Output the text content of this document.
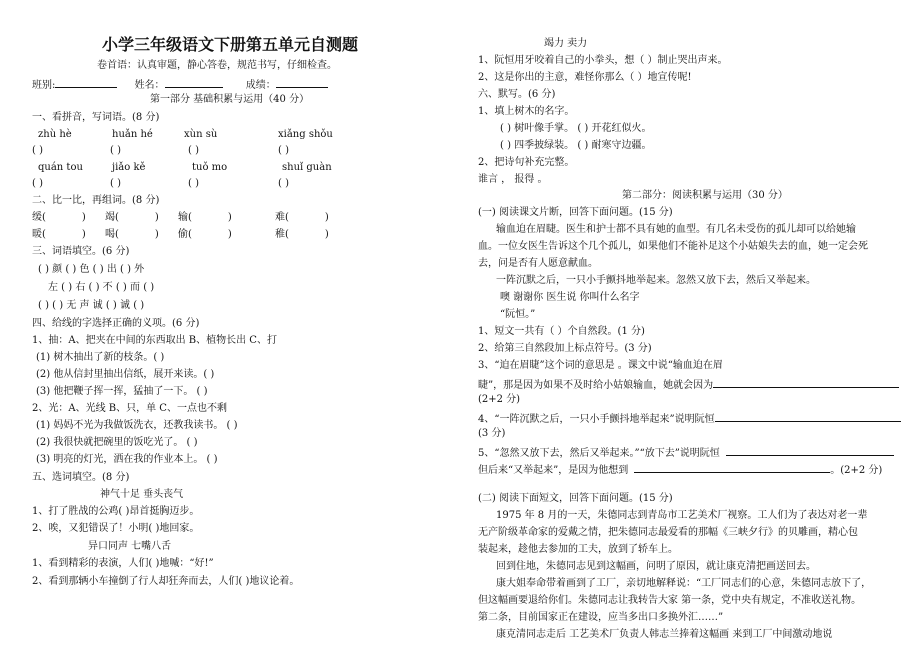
小学三年级语文下册第五单元自测题
卷首语：认真审题，静心答卷，规范书写，仔细检查。
班别:	姓名：	成绩：
第一部分 基础积累与运用（40 分）
一、看拼音，写词语。(8 分)
zhù hè	huǎn hé	xùn sù	xiǎng shǒu
( )	( )	( )	( )
quán tou	jiǎo kě	tuǒ mo	shuǐ guàn
( )	( )	( )	( )
二、比一比，再组词。(8 分)
缓(	) 竭(	) 输(	)	难(	)
暖(	) 喝(	) 偷(	)	稚(	)
三、词语填空。(6 分)
( ) 颜 ( ) 色 ( ) 出 ( ) 外
左 ( ) 右 ( ) 不 ( ) 而 ( )
( ) ( ) 无 声 诚 ( ) 诚 ( )
四、给线的字选择正确的义项。(6 分)
1、抽：A、把夹在中间的东西取出 B、植物长出 C、打
(1) 树木抽出了新的枝条。( )
(2) 他从信封里抽出信纸，展开来读。( )
(3) 他把鞭子挥一挥，猛抽了一下。 ( )
2、光：A、光线 B、只，单 C、一点也不剩
(1) 妈妈不光为我做饭洗衣，还教我读书。 ( )
(2) 我很快就把碗里的饭吃光了。 ( )
(3) 明亮的灯光，洒在我的作业本上。 ( )
五、选词填空。(8 分)
神气十足 垂头丧气
1、打了胜战的公鸡( )昂首挺胸迈步。
2、唉，又犯错误了！小明( )地回家。
异口同声 七嘴八舌
1、看到精彩的表演，人们( )地喊：“好!”
2、看到那辆小车撞倒了行人却狂奔而去，人们( )地议论着。
竭力 卖力
1、阮恒用牙咬着自己的小拳头，想（ ）制止哭出声来。
2、这是你出的主意，难怪你那么（ ）地宣传呢!
六、默写。(6 分)
1、填上树木的名字。
( ) 树叶像手掌。 ( ) 开花红似火。
( ) 四季披绿装。 ( ) 耐寒守边疆。
2、把诗句补充完整。
谁言 ， 报得 。
第二部分：阅读积累与运用（30 分）
(一) 阅读课文片断，回答下面问题。(15 分)
输血迫在眉睫。医生和护士都不具有她的血型。有几名未受伤的孤儿却可以给她输
血。一位女医生告诉这个几个孤儿，如果他们不能补足这个小姑娘失去的血，她一定会死
去，问是否有人愿意献血。
一阵沉默之后，一只小手颤抖地举起来。忽然又放下去，然后又举起来。
噢 谢谢你 医生说 你叫什么名字
“阮恒。”
1、短文一共有（ ）个自然段。(1 分)
2、给第三自然段加上标点符号。(3 分)
3、“迫在眉睫”这个词的意思是 。课文中说“输血迫在眉
睫”，那是因为如果不及时给小姑娘输血，她就会因为
(2+2 分)
4、“一阵沉默之后，一只小手颤抖地举起来”说明阮恒
(3 分)
5、“忽然又放下去，然后又举起来。”“放下去”说明阮恒
但后来“又举起来”，是因为他想到	。(2+2 分)
(二) 阅读下面短文，回答下面问题。(15 分)
1975 年 8 月的一天，朱德同志到青岛市工艺美术厂视察。工人们为了表达对老一辈
无产阶级革命家的爱戴之情，把朱德同志最爱看的那幅《三峡夕行》的贝雕画，精心包
装起来，趁他去参加的工夫，放到了轿车上。
回到住地，朱德同志见到这幅画，问明了原因，就让康克清把画送回去。
康大姐奉命带着画到了工厂，亲切地解释说：“工厂同志们的心意，朱德同志放下了，
但这幅画要退给你们。朱德同志让我转告大家 第一条，党中央有规定，不准收送礼物。
第二条，目前国家正在建设，应当多出口多换外汇……”
康克清同志走后 工艺美术厂负责人韩志兰捧着这幅画 来到工厂中间激动地说
